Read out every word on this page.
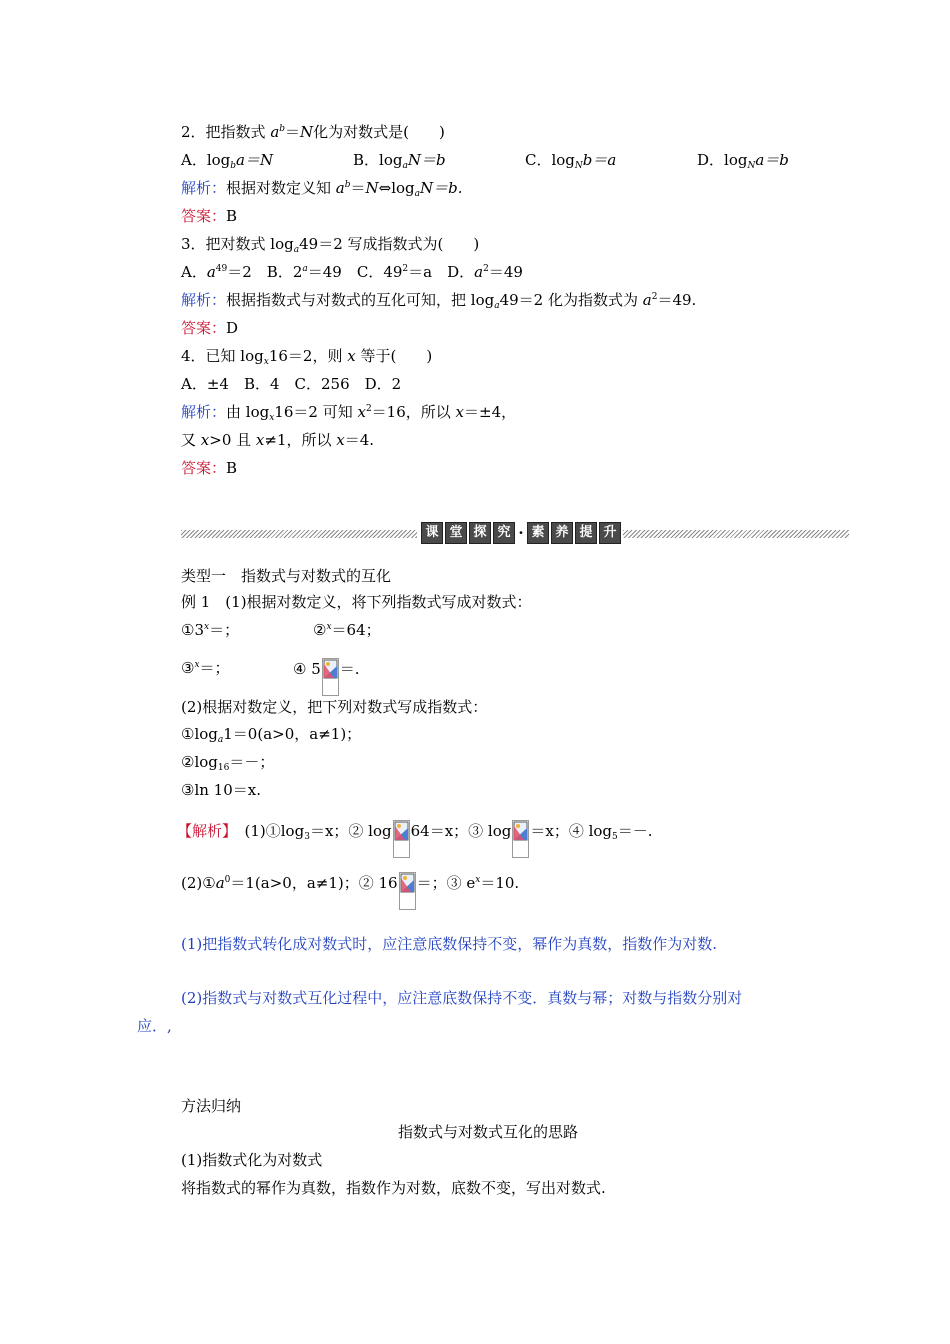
2．把指数式 $a^b=N$化为对数式是(　　)
A．$\log_ba=N$	B．$\log_aN=b$	C．$\log_Nb=a$	D．$\log_Na=b$
解析：根据对数定义知 $a^b=N\Leftrightarrow\log_aN=b$.
答案：B
3．把对数式 $\log_a49=2$ 写成指数式为(　　)
A．$a^{49}=2$　B．$2^a=49$　C．$49^2=a$　D．$a^2=49$
解析：根据指数式与对数式的互化可知，把 $\log_a49=2$ 化为指数式为 $a^2=49$.
答案：D
4．已知 $\log_x16=2$，则 x 等于(　　)
A．±4　B．4　C．256　D．2
解析：由 $\log_x16=2$ 可知 $x^2=16$，所以 x＝±4，
又 x>0 且 x≠1，所以 x＝4.
答案：B
课 堂 探 究 · 素 养 提 升
类型一　指数式与对数式的互化
例 1　(1)根据对数定义，将下列指数式写成对数式：
$①3^x=$；	②$^x$＝64；
③$^x$＝；	④ 5 ＝.
(2)根据对数定义，把下列对数式写成指数式：
$①\log_a1=0(a>0$，a≠1)；
$②\log_{16}=-$；
③ln 10＝x.
【解析】　$(1)①\log_3=x$；② log 64＝x；③ log ＝x；④ $\log_5=-$.
$(2)①a^0=1(a>0$，a≠1)；② 16 ＝；③ $e^x=10$.
(1)把指数式转化成对数式时，应注意底数保持不变，幂作为真数，指数作为对数.
(2)指数式与对数式互化过程中，应注意底数保持不变．真数与幂；对数与指数分别对
应．,
方法归纳
指数式与对数式互化的思路
(1)指数式化为对数式
将指数式的幂作为真数，指数作为对数，底数不变，写出对数式.
